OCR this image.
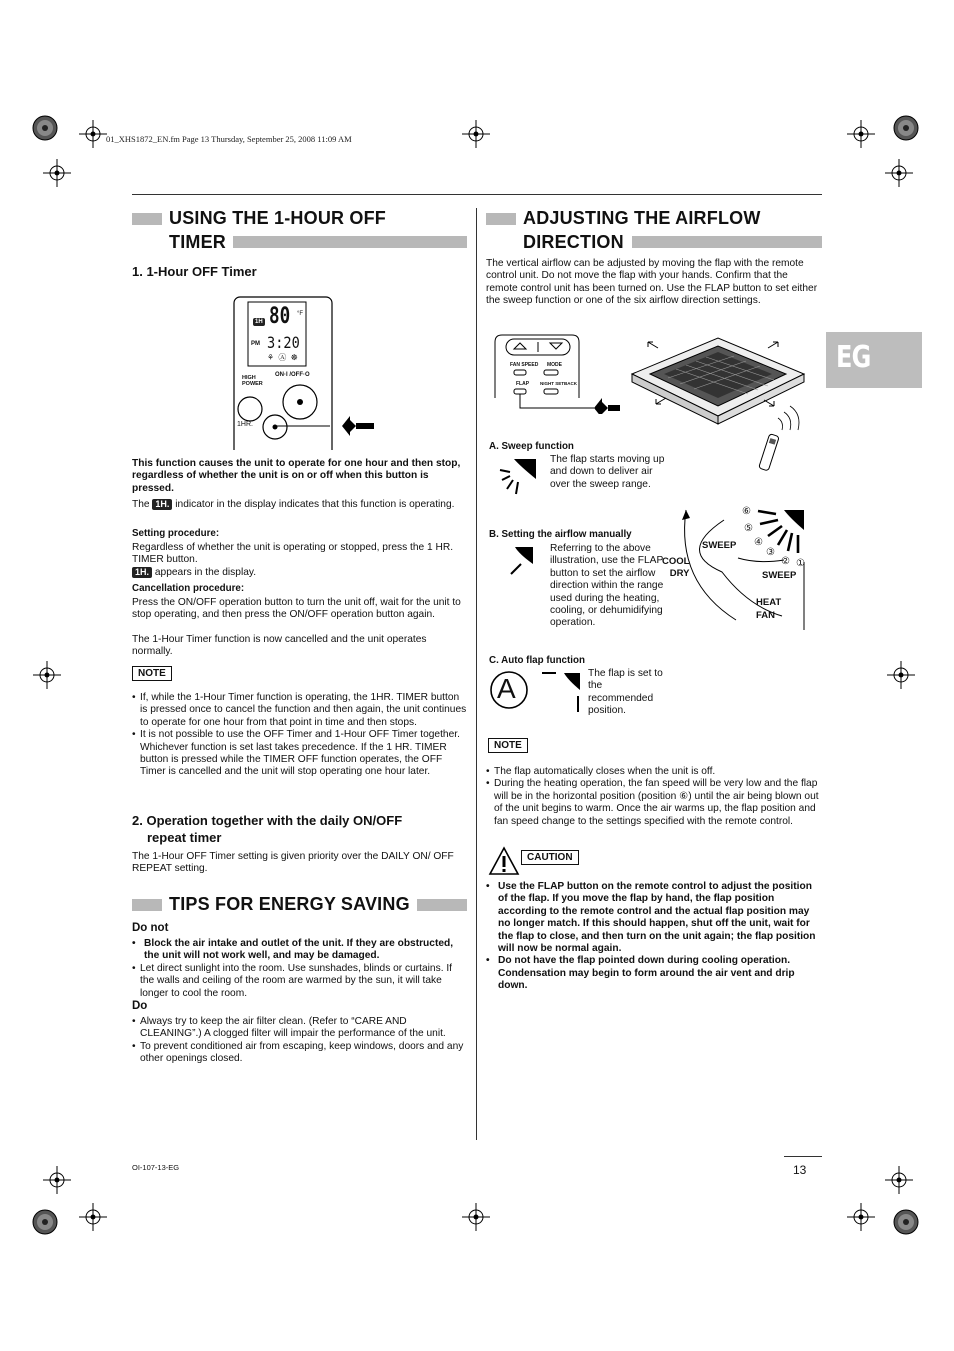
01_XHS1872_EN.fm Page 13 Thursday, September 25, 2008 11:09 AM
EG
USING THE 1-HOUR OFF
TIMER
1. 1-Hour OFF Timer
1H 80 °F
PM 3:20
⚘ Ⓐ ☸
HIGH
POWER
ON·I /OFF·O
1HR.
This function causes the unit to operate for one hour and then stop, regardless of whether the unit is on or off when this button is pressed.
The 1H. indicator in the display indicates that this function is operating.
Setting procedure:
Regardless of whether the unit is operating or stopped, press the 1 HR. TIMER button.
1H. appears in the display.
Cancellation procedure:
Press the ON/OFF operation button to turn the unit off, wait for the unit to stop operating, and then press the ON/OFF operation button again.
The 1-Hour Timer function is now cancelled and the unit operates normally.
NOTE
• If, while the 1-Hour Timer function is operating, the 1HR. TIMER button is pressed once to cancel the function and then again, the unit continues to operate for one hour from that point in time and then stops.
• It is not possible to use the OFF Timer and 1-Hour OFF Timer together. Whichever function is set last takes precedence. If the 1 HR. TIMER button is pressed while the TIMER OFF function operates, the OFF Timer is cancelled and the unit will stop operating one hour later.
2. Operation together with the daily ON/OFF
repeat timer
The 1-Hour OFF Timer setting is given priority over the DAILY ON/ OFF REPEAT setting.
TIPS FOR ENERGY SAVING
Do not
• Block the air intake and outlet of the unit. If they are obstructed, the unit will not work well, and may be damaged.
• Let direct sunlight into the room. Use sunshades, blinds or curtains. If the walls and ceiling of the room are warmed by the sun, it will take longer to cool the room.
Do
• Always try to keep the air filter clean. (Refer to “CARE AND CLEANING”.) A clogged filter will impair the performance of the unit.
• To prevent conditioned air from escaping, keep windows, doors and any other openings closed.
ADJUSTING THE AIRFLOW
DIRECTION
The vertical airflow can be adjusted by moving the flap with the remote control unit. Do not move the flap with your hands. Confirm that the remote control unit has been turned on. Use the FLAP button to set either the sweep function or one of the six airflow direction settings.
FAN SPEED MODE
FLAP NIGHT SETBACK
A. Sweep function
The flap starts moving up and down to deliver air over the sweep range.
B. Setting the airflow manually
Referring to the above illustration, use the FLAP button to set the airflow direction within the range used during the heating, cooling, or dehumidifying operation.
⑥
⑤
④
③
② ①
SWEEP
COOL
DRY	SWEEP
HEAT
FAN
C. Auto flap function
A	The flap is set to the recommended position.
NOTE
• The flap automatically closes when the unit is off.
• During the heating operation, the fan speed will be very low and the flap will be in the horizontal position (position ⑥) until the air being blown out of the unit begins to warm. Once the air warms up, the flap position and fan speed change to the settings specified with the remote control.
CAUTION
• Use the FLAP button on the remote control to adjust the position of the flap. If you move the flap by hand, the flap position according to the remote control and the actual flap position may no longer match. If this should happen, shut off the unit, wait for the flap to close, and then turn on the unit again; the flap position will now be normal again.
• Do not have the flap pointed down during cooling operation. Condensation may begin to form around the air vent and drip down.
OI-107-13-EG	13
